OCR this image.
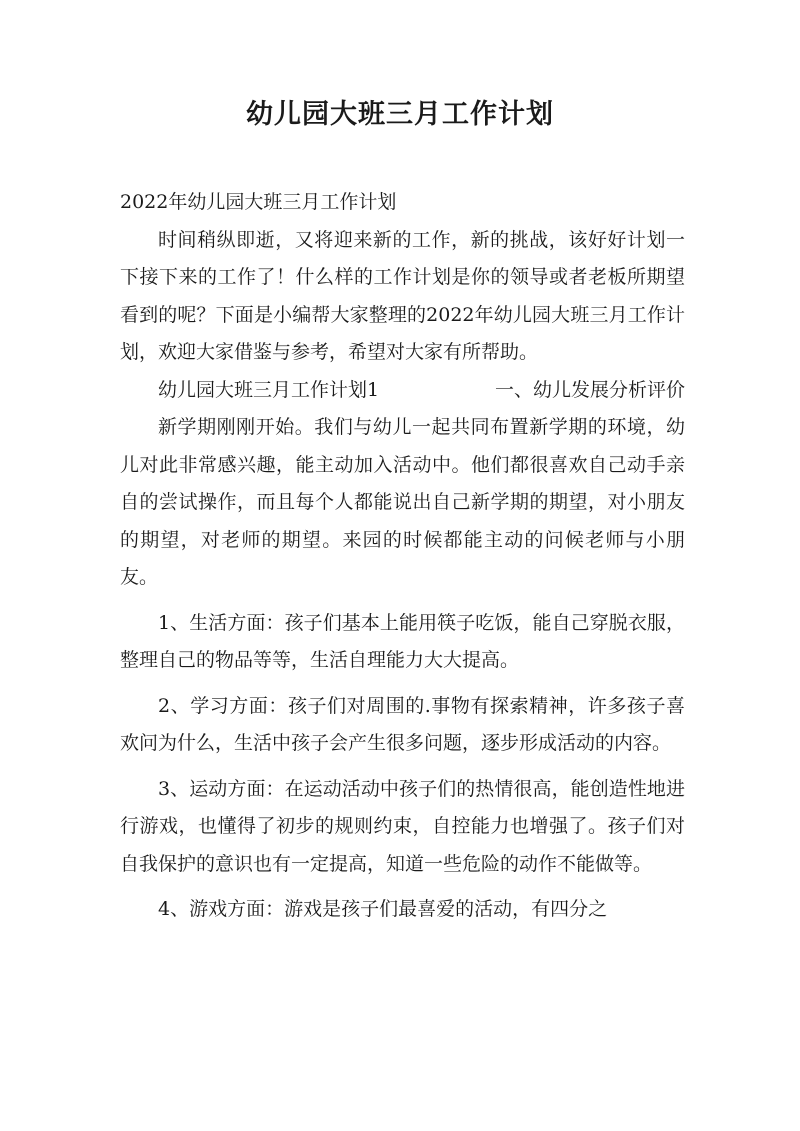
幼儿园大班三月工作计划

2022年幼儿园大班三月工作计划

时间稍纵即逝，又将迎来新的工作，新的挑战，该好好计划一下接下来的工作了！什么样的工作计划是你的领导或者老板所期望看到的呢？下面是小编帮大家整理的2022年幼儿园大班三月工作计划，欢迎大家借鉴与参考，希望对大家有所帮助。

幼儿园大班三月工作计划1	一、幼儿发展分析评价

新学期刚刚开始。我们与幼儿一起共同布置新学期的环境，幼儿对此非常感兴趣，能主动加入活动中。他们都很喜欢自己动手亲自的尝试操作，而且每个人都能说出自己新学期的期望，对小朋友的期望，对老师的期望。来园的时候都能主动的问候老师与小朋友。

1、生活方面：孩子们基本上能用筷子吃饭，能自己穿脱衣服，整理自己的物品等等，生活自理能力大大提高。

2、学习方面：孩子们对周围的.事物有探索精神，许多孩子喜欢问为什么，生活中孩子会产生很多问题，逐步形成活动的内容。

3、运动方面：在运动活动中孩子们的热情很高，能创造性地进行游戏，也懂得了初步的规则约束，自控能力也增强了。孩子们对自我保护的意识也有一定提高，知道一些危险的动作不能做等。

4、游戏方面：游戏是孩子们最喜爱的活动，有四分之
